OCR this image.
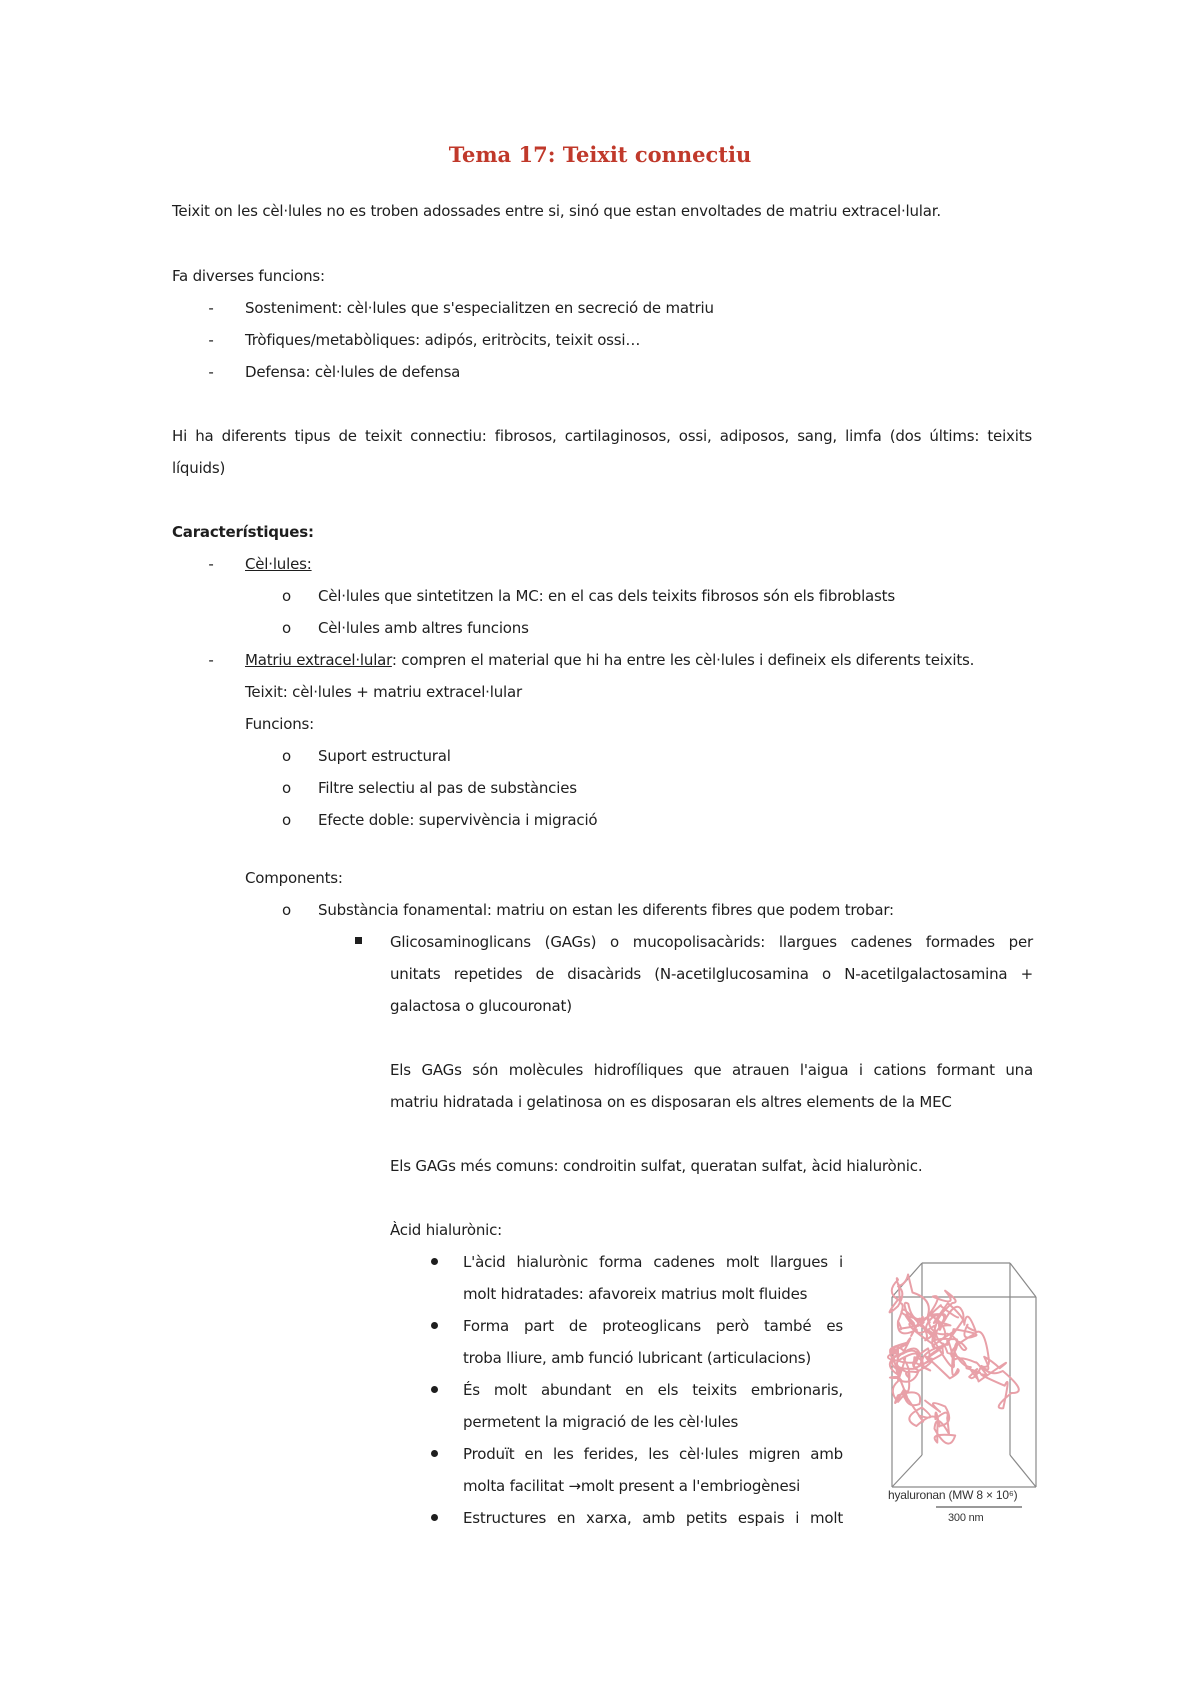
Tema 17: Teixit connectiu
Teixit on les cèl·lules no es troben adossades entre si, sinó que estan envoltades de matriu extracel·lular.
Fa diverses funcions:
- Sosteniment: cèl·lules que s'especialitzen en secreció de matriu
- Tròfiques/metabòliques: adipós, eritròcits, teixit ossi…
- Defensa: cèl·lules de defensa
Hi ha diferents tipus de teixit connectiu: fibrosos, cartilaginosos, ossi, adiposos, sang, limfa (dos últims: teixits
líquids)
Característiques:
- Cèl·lules:
o Cèl·lules que sintetitzen la MC: en el cas dels teixits fibrosos són els fibroblasts
o Cèl·lules amb altres funcions
- Matriu extracel·lular: compren el material que hi ha entre les cèl·lules i defineix els diferents teixits.
Teixit: cèl·lules + matriu extracel·lular
Funcions:
o Suport estructural
o Filtre selectiu al pas de substàncies
o Efecte doble: supervivència i migració
Components:
o Substància fonamental: matriu on estan les diferents fibres que podem trobar:
Glicosaminoglicans (GAGs) o mucopolisacàrids: llargues cadenes formades per
unitats repetides de disacàrids (N-acetilglucosamina o N-acetilgalactosamina +
galactosa o glucouronat)
Els GAGs són molècules hidrofíliques que atrauen l'aigua i cations formant una
matriu hidratada i gelatinosa on es disposaran els altres elements de la MEC
Els GAGs més comuns: condroitin sulfat, queratan sulfat, àcid hialurònic.
Àcid hialurònic:
L'àcid hialurònic forma cadenes molt llargues i
molt hidratades: afavoreix matrius molt fluides
Forma part de proteoglicans però també es
troba lliure, amb funció lubricant (articulacions)
És molt abundant en els teixits embrionaris,
permetent la migració de les cèl·lules
Produït en les ferides, les cèl·lules migren amb
molta facilitat →molt present a l'embriogènesi
Estructures en xarxa, amb petits espais i molt
hyaluronan (MW 8 × 10⁶)
300 nm
